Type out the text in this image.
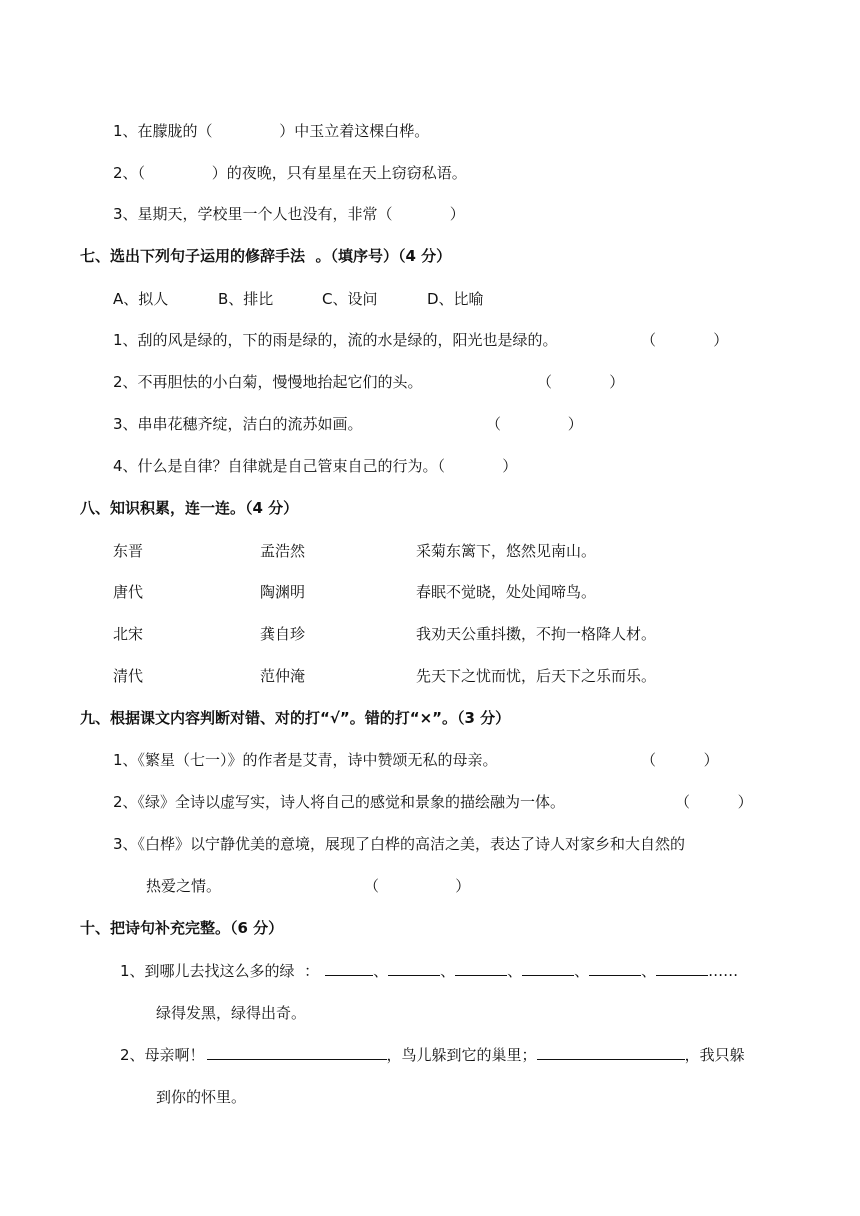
1、在朦胧的（              ）中玉立着这棵白桦。
2、（              ）的夜晚，只有星星在天上窃窃私语。
3、星期天，学校里一个人也没有，非常（            ）
七、选出下列句子运用的修辞手法  。（填序号）（4 分）
A、拟人	B、排比	C、设问	D、比喻
1、刮的风是绿的，下的雨是绿的，流的水是绿的，阳光也是绿的。	（            ）
2、不再胆怯的小白菊，慢慢地抬起它们的头。	（            ）
3、串串花穗齐绽，洁白的流苏如画。	（              ）
4、什么是自律？自律就是自己管束自己的行为。（            ）
八、知识积累，连一连。（4 分）
东晋	孟浩然	采菊东篱下，悠然见南山。
唐代	陶渊明	春眠不觉晓，处处闻啼鸟。
北宋	龚自珍	我劝天公重抖擞，不拘一格降人材。
清代	范仲淹	先天下之忧而忧，后天下之乐而乐。
九、根据课文内容判断对错、对的打“√”。错的打“×”。（3 分）
1、《繁星（七一）》的作者是艾青，诗中赞颂无私的母亲。	（          ）
2、《绿》全诗以虚写实，诗人将自己的感觉和景象的描绘融为一体。	（          ）
3、《白桦》以宁静优美的意境，展现了白桦的高洁之美，表达了诗人对家乡和大自然的
热爱之情。	（                ）
十、把诗句补充完整。（6 分）
1、到哪儿去找这么多的绿  ：	、	、	、	、	、	……
绿得发黑，绿得出奇。
2、母亲啊！	，鸟儿躲到它的巢里；	，我只躲
到你的怀里。
